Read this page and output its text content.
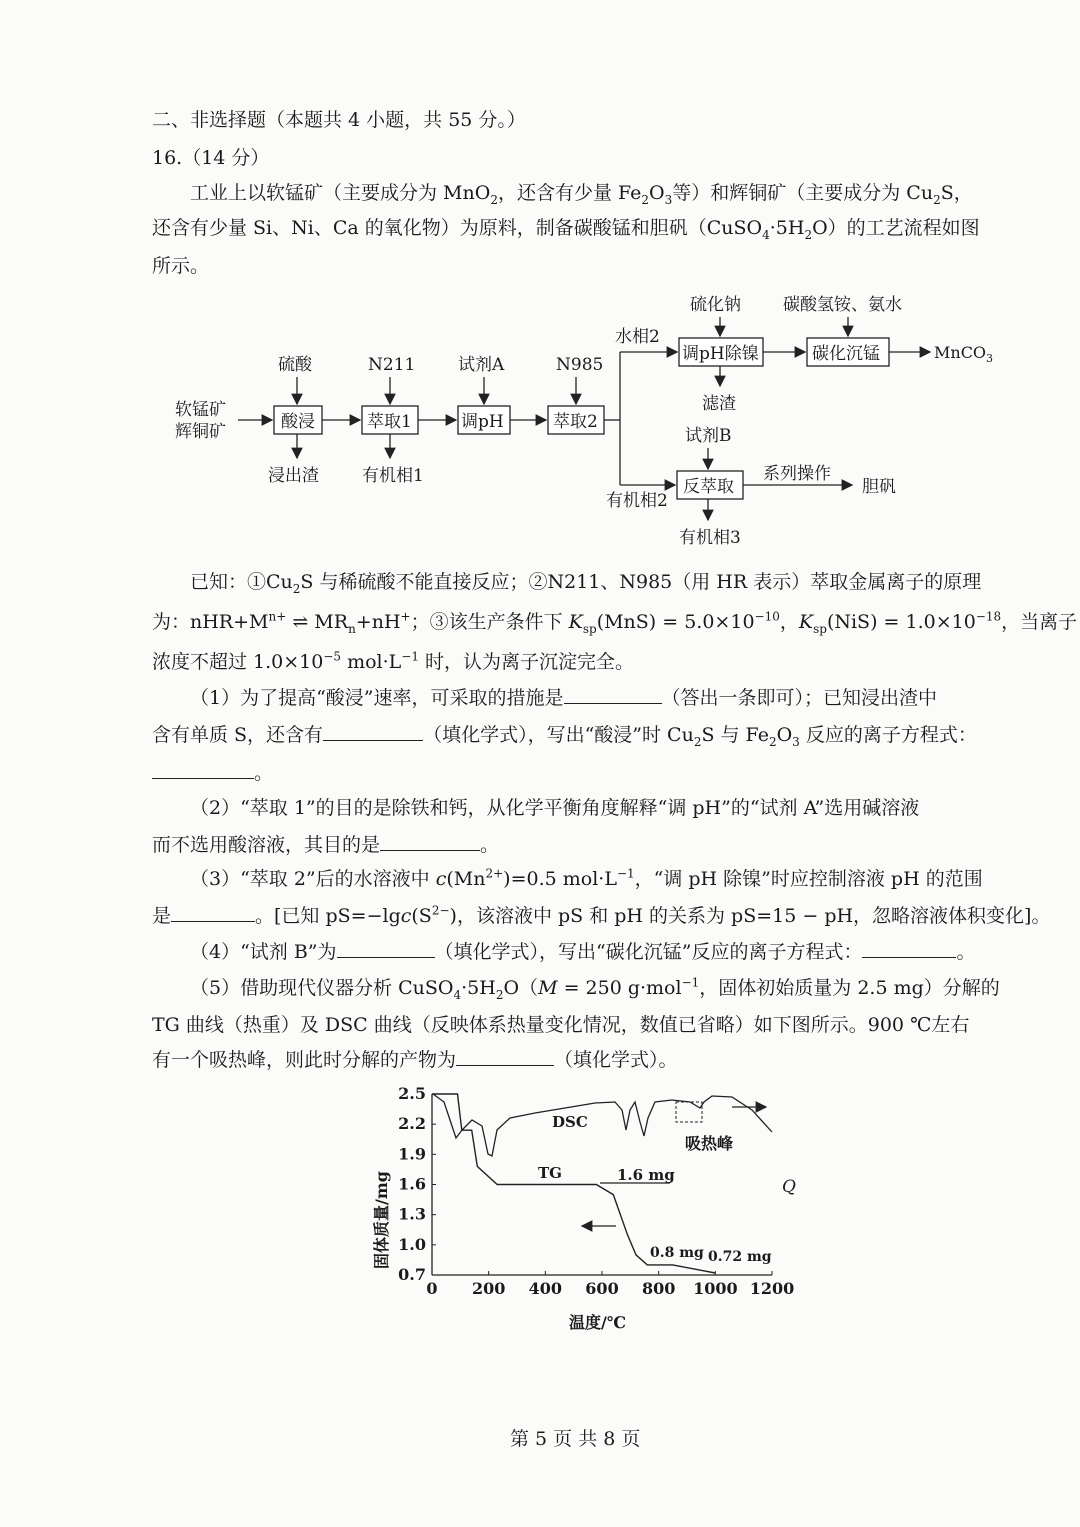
二、非选择题（本题共 4 小题，共 55 分。）
16.（14 分）
工业上以软锰矿（主要成分为 MnO$_2$，还含有少量 $Fe_2O_3$等）和辉铜矿（主要成分为 $Cu_2S$，
还含有少量 Si、Ni、Ca 的氧化物）为原料，制备碳酸锰和胆矾$(CuSO_4\cdot 5H_2O)$的工艺流程如图
所示。
软锰矿
辉铜矿	酸浸
硫酸
浸出渣
萃取1
N211
有机相1
调pH
试剂A
萃取2
N985
水相2
有机相2
调pH除镍
硫化钠
滤渣
碳化沉锰
碳酸氢铵、氨水
MnCO$_3$
试剂B
反萃取
有机相3
系列操作
胆矾
已知：$①Cu_2S$ 与稀硫酸不能直接反应；②N211、N985（用 HR 表示）萃取金属离子的原理
为：$nHR+M^{n+}$ ⇌ $MR_n+nH^+$；③该生产条件下 $K_{sp}(MnS) = 5.0\times 10^{-10}$，$K_{sp}(NiS) = 1.0\times 10^{-18}$，当离子
浓度不超过 $1.0\times 10^{-5}$ $mol\cdot L^{-1}$ 时，认为离子沉淀完全。
（1）为了提高“酸浸”速率，可采取的措施是	（答出一条即可）；已知浸出渣中
含有单质 S，还含有	（填化学式），写出“酸浸”时 $Cu_2S$ 与 $Fe_2O_3$ 反应的离子方程式：
。
（2）“萃取 1”的目的是除铁和钙，从化学平衡角度解释“调 pH”的“试剂 A”选用碱溶液
而不选用酸溶液，其目的是	。
（3）“萃取 2”后的水溶液中 $c(Mn^{2+})=0.5$ $mol\cdot L^{-1}$，“调 pH 除镍”时应控制溶液 pH 的范围
是	。[已知 $pS=-\lg c(S^{2-})$，该溶液中 pS 和 pH 的关系为 pS=15 − pH，忽略溶液体积变化]。
（4）“试剂 B”为	（填化学式），写出“碳化沉锰”反应的离子方程式：	。
（5）借助现代仪器分析 $CuSO_4\cdot 5H_2O(M = 250$ g·mol$^{-1}$，固体初始质量为 2.5 mg）分解的
TG 曲线（热重）及 DSC 曲线（反映体系热量变化情况，数值已省略）如下图所示。900 ℃左右
有一个吸热峰，则此时分解的产物为	（填化学式）。
0 200 400 600 800 1000 1200
0.7
1.0
1.3
1.6
1.9
2.2
2.5
DSC
TG	1.6 mg
0.8 mg 0.72 mg
吸热峰
Q
温度/℃
固体质量/mg
第 5 页 共 8 页
